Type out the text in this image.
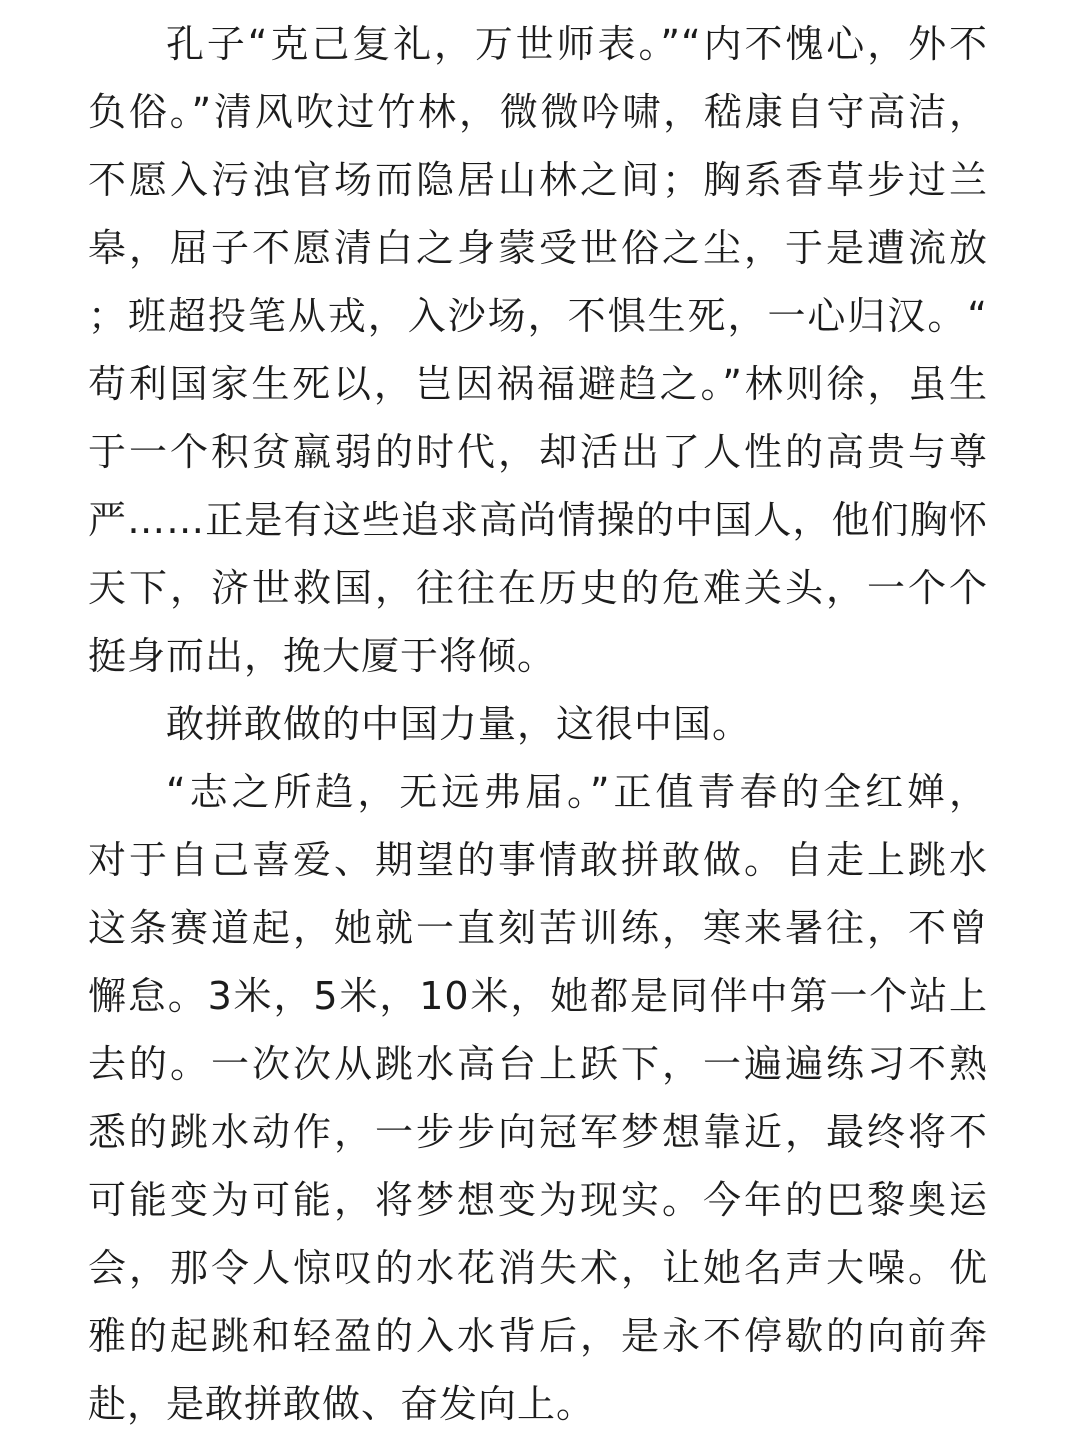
孔子“克己复礼，万世师表。”“内不愧心，外不
负俗。”清风吹过竹林，微微吟啸，嵇康自守高洁，
不愿入污浊官场而隐居山林之间；胸系香草步过兰
皋，屈子不愿清白之身蒙受世俗之尘，于是遭流放
；班超投笔从戎，入沙场，不惧生死，一心归汉。“
苟利国家生死以，岂因祸福避趋之。”林则徐，虽生
于一个积贫羸弱的时代，却活出了人性的高贵与尊
严……正是有这些追求高尚情操的中国人，他们胸怀
天下，济世救国，往往在历史的危难关头，一个个
挺身而出，挽大厦于将倾。
敢拼敢做的中国力量，这很中国。
“志之所趋，无远弗届。”正值青春的全红婵，
对于自己喜爱、期望的事情敢拼敢做。自走上跳水
这条赛道起，她就一直刻苦训练，寒来暑往，不曾
懈怠。3米，5米，10米，她都是同伴中第一个站上
去的。一次次从跳水高台上跃下，一遍遍练习不熟
悉的跳水动作，一步步向冠军梦想靠近，最终将不
可能变为可能，将梦想变为现实。今年的巴黎奥运
会，那令人惊叹的水花消失术，让她名声大噪。优
雅的起跳和轻盈的入水背后，是永不停歇的向前奔
赴，是敢拼敢做、奋发向上。
